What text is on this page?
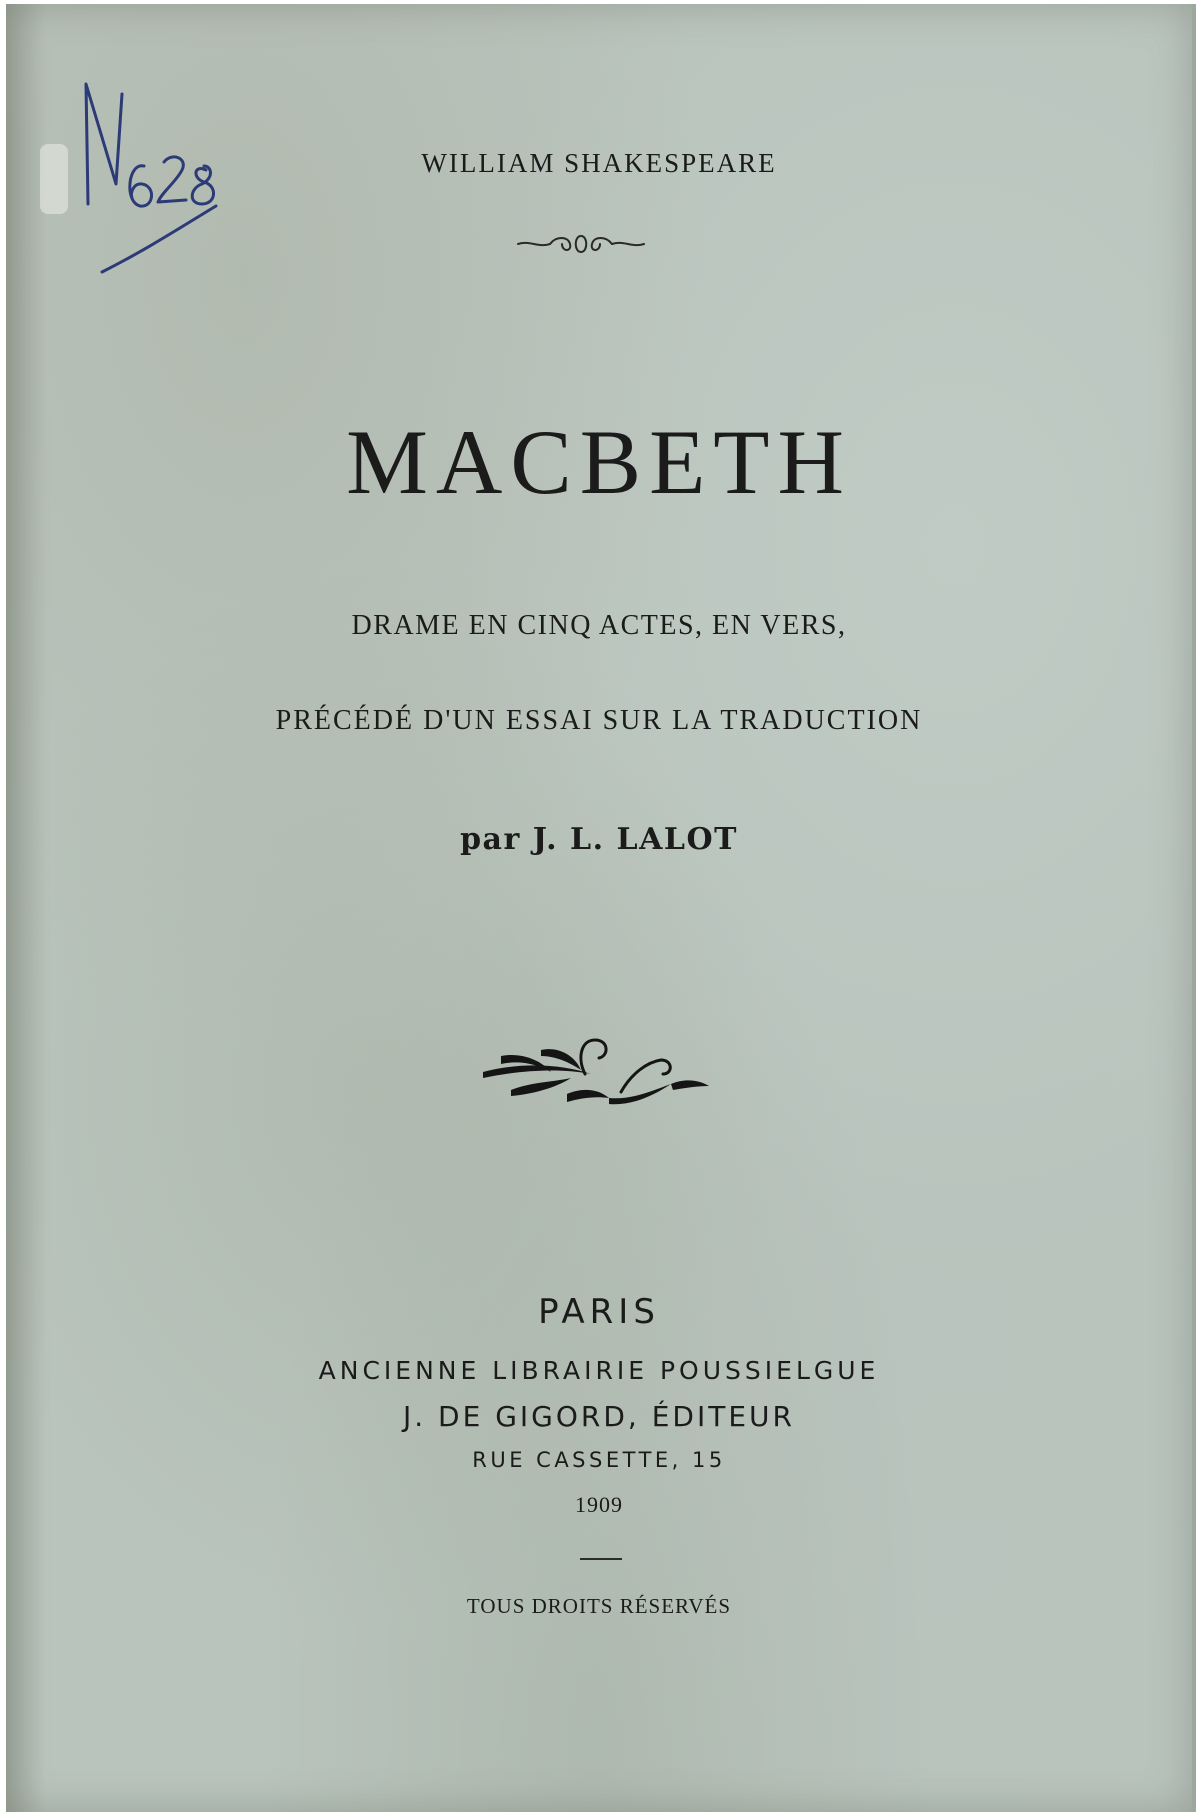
WILLIAM SHAKESPEARE
MACBETH
DRAME EN CINQ ACTES, EN VERS,
PRÉCÉDÉ D'UN ESSAI SUR LA TRADUCTION
par J. L. LALOT
PARIS
ANCIENNE LIBRAIRIE POUSSIELGUE
J. DE GIGORD, ÉDITEUR
RUE CASSETTE, 15
1909
TOUS DROITS RÉSERVÉS
